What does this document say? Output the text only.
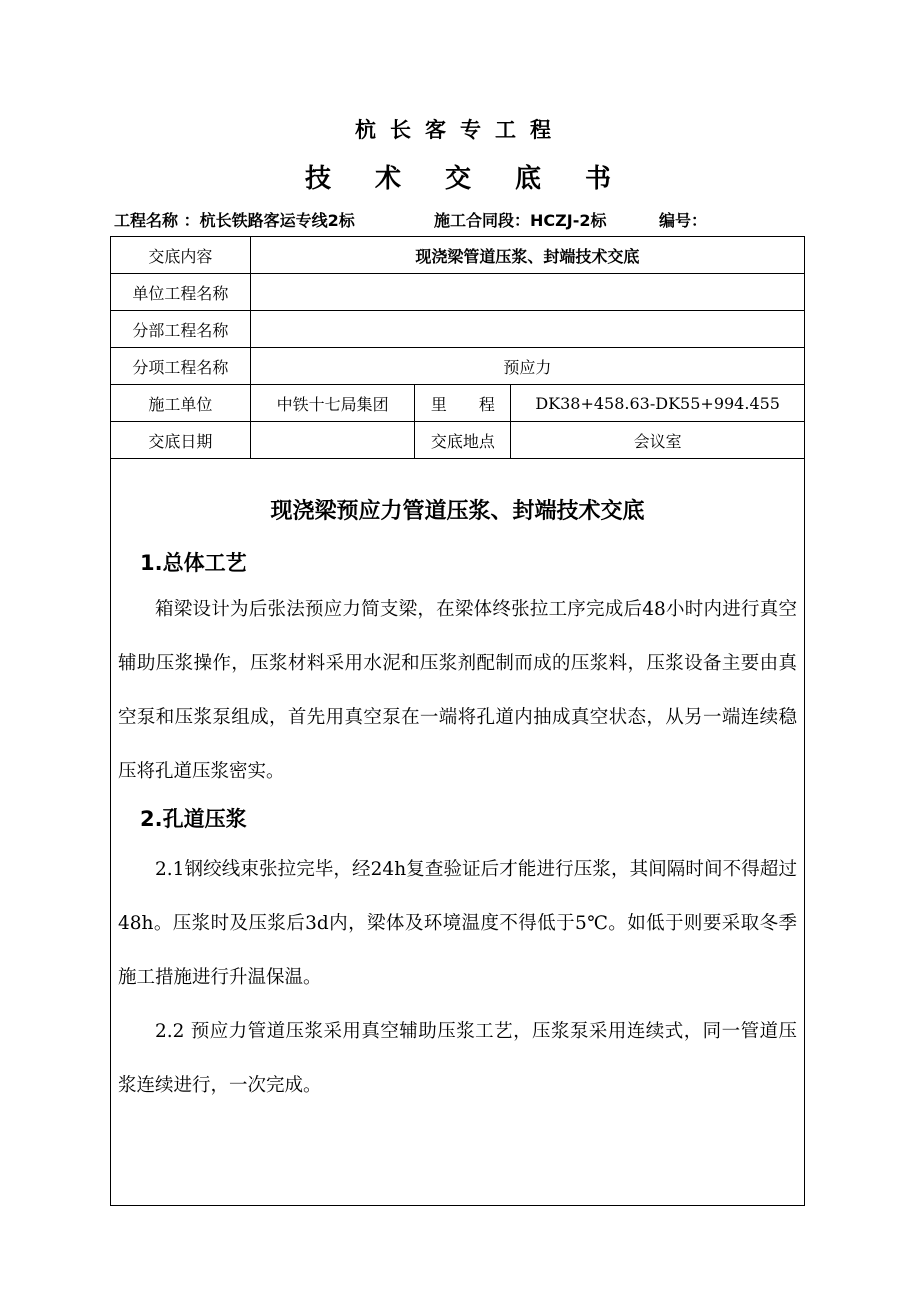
杭长客专工程
技术交底书
工程名称 ：杭长铁路客运专线2标	施工合同段：HCZJ-2标	编号：
交底内容	现浇梁管道压浆、封端技术交底		
单位工程名称			
分部工程名称			
分项工程名称	预应力		
施工单位	中铁十七局集团	里　　程	DK38+458.63-DK55+994.455
交底日期		交底地点	会议室
现浇梁预应力管道压浆、封端技术交底
1.总体工艺
箱梁设计为后张法预应力简支梁，在梁体终张拉工序完成后48小时内进行真空辅助压浆操作，压浆材料采用水泥和压浆剂配制而成的压浆料，压浆设备主要由真空泵和压浆泵组成，首先用真空泵在一端将孔道内抽成真空状态，从另一端连续稳压将孔道压浆密实。
2.孔道压浆
2.1钢绞线束张拉完毕，经24h复查验证后才能进行压浆，其间隔时间不得超过48h。压浆时及压浆后3d内，梁体及环境温度不得低于5℃。如低于则要采取冬季施工措施进行升温保温。
2.2 预应力管道压浆采用真空辅助压浆工艺，压浆泵采用连续式，同一管道压浆连续进行，一次完成。
